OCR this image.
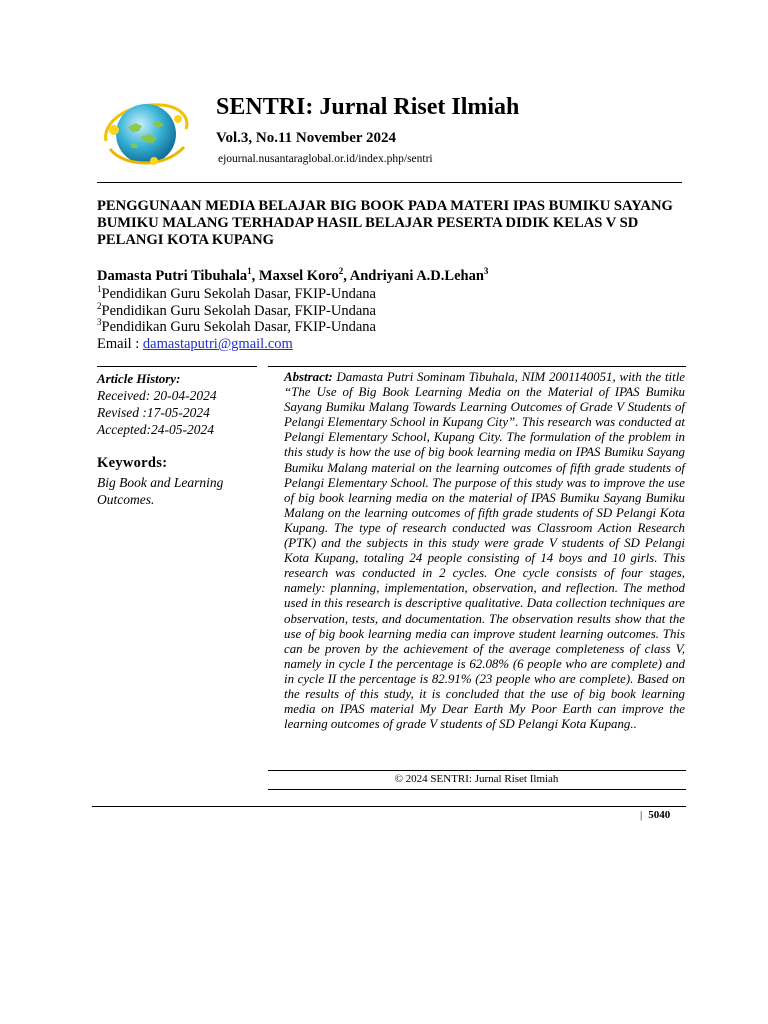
SENTRI: Jurnal Riset Ilmiah
Vol.3, No.11 November 2024
ejournal.nusantaraglobal.or.id/index.php/sentri
PENGGUNAAN MEDIA BELAJAR BIG BOOK PADA MATERI IPAS BUMIKU SAYANG BUMIKU MALANG TERHADAP HASIL BELAJAR PESERTA DIDIK KELAS V SD PELANGI KOTA KUPANG
Damasta Putri Tibuhala$^1$, Maxsel Koro$^2$, Andriyani A.D.Lehan$^3$
$^1$Pendidikan Guru Sekolah Dasar, FKIP-Undana
$^2$Pendidikan Guru Sekolah Dasar, FKIP-Undana
$^3$Pendidikan Guru Sekolah Dasar, FKIP-Undana
Email : damastaputri@gmail.com
Article History:
Received: 20-04-2024
Revised :17-05-2024
Accepted:24-05-2024
Keywords:
Big Book and Learning Outcomes.
Abstract: Damasta Putri Sominam Tibuhala, NIM 2001140051, with the title “The Use of Big Book Learning Media on the Material of IPAS Bumiku Sayang Bumiku Malang Towards Learning Outcomes of Grade V Students of Pelangi Elementary School in Kupang City”. This research was conducted at Pelangi Elementary School, Kupang City. The formulation of the problem in this study is how the use of big book learning media on IPAS Bumiku Sayang Bumiku Malang material on the learning outcomes of fifth grade students of Pelangi Elementary School. The purpose of this study was to improve the use of big book learning media on the material of IPAS Bumiku Sayang Bumiku Malang on the learning outcomes of fifth grade students of SD Pelangi Kota Kupang. The type of research conducted was Classroom Action Research (PTK) and the subjects in this study were grade V students of SD Pelangi Kota Kupang, totaling 24 people consisting of 14 boys and 10 girls. This research was conducted in 2 cycles. One cycle consists of four stages, namely: planning, implementation, observation, and reflection. The method used in this research is descriptive qualitative. Data collection techniques are observation, tests, and documentation. The observation results show that the use of big book learning media can improve student learning outcomes. This can be proven by the achievement of the average completeness of class V, namely in cycle I the percentage is 62.08% (6 people who are complete) and in cycle II the percentage is 82.91% (23 people who are complete). Based on the results of this study, it is concluded that the use of big book learning media on IPAS material My Dear Earth My Poor Earth can improve the learning outcomes of grade V students of SD Pelangi Kota Kupang..
© 2024 SENTRI: Jurnal Riset Ilmiah
| 5040
